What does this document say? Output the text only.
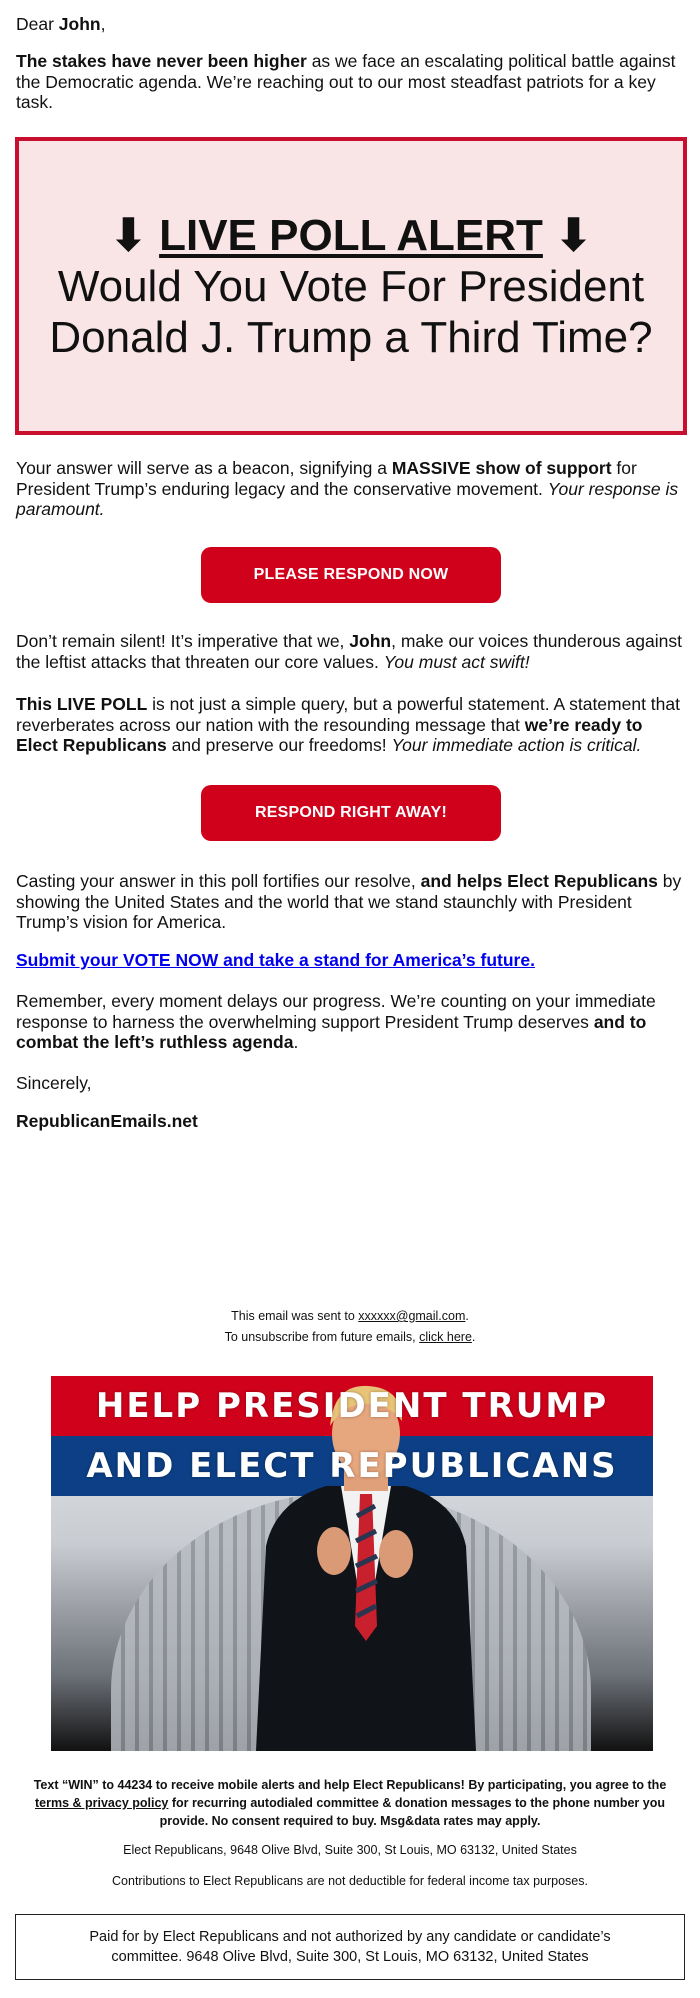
Dear John,

The stakes have never been higher as we face an escalating political battle against the Democratic agenda. We’re reaching out to our most steadfast patriots for a key task.

⬇ LIVE POLL ALERT ⬇
Would You Vote For President
Donald J. Trump a Third Time?

Your answer will serve as a beacon, signifying a MASSIVE show of support for President Trump’s enduring legacy and the conservative movement. Your response is paramount.

PLEASE RESPOND NOW

Don’t remain silent! It’s imperative that we, John, make our voices thunderous against the leftist attacks that threaten our core values. You must act swift!

This LIVE POLL is not just a simple query, but a powerful statement. A statement that reverberates across our nation with the resounding message that we’re ready to Elect Republicans and preserve our freedoms! Your immediate action is critical.

RESPOND RIGHT AWAY!

Casting your answer in this poll fortifies our resolve, and helps Elect Republicans by showing the United States and the world that we stand staunchly with President Trump’s vision for America.

Submit your VOTE NOW and take a stand for America’s future.

Remember, every moment delays our progress. We’re counting on your immediate response to harness the overwhelming support President Trump deserves and to combat the left’s ruthless agenda.

Sincerely,

RepublicanEmails.net

This email was sent to xxxxxx@gmail.com.
To unsubscribe from future emails, click here.
HELP PRESIDENT TRUMP
AND ELECT REPUBLICANS
Text “WIN” to 44234 to receive mobile alerts and help Elect Republicans! By participating, you agree to the terms & privacy policy for recurring autodialed committee & donation messages to the phone number you provide. No consent required to buy. Msg&data rates may apply.
Elect Republicans, 9648 Olive Blvd, Suite 300, St Louis, MO 63132, United States
Contributions to Elect Republicans are not deductible for federal income tax purposes.
Paid for by Elect Republicans and not authorized by any candidate or candidate’s committee. 9648 Olive Blvd, Suite 300, St Louis, MO 63132, United States
